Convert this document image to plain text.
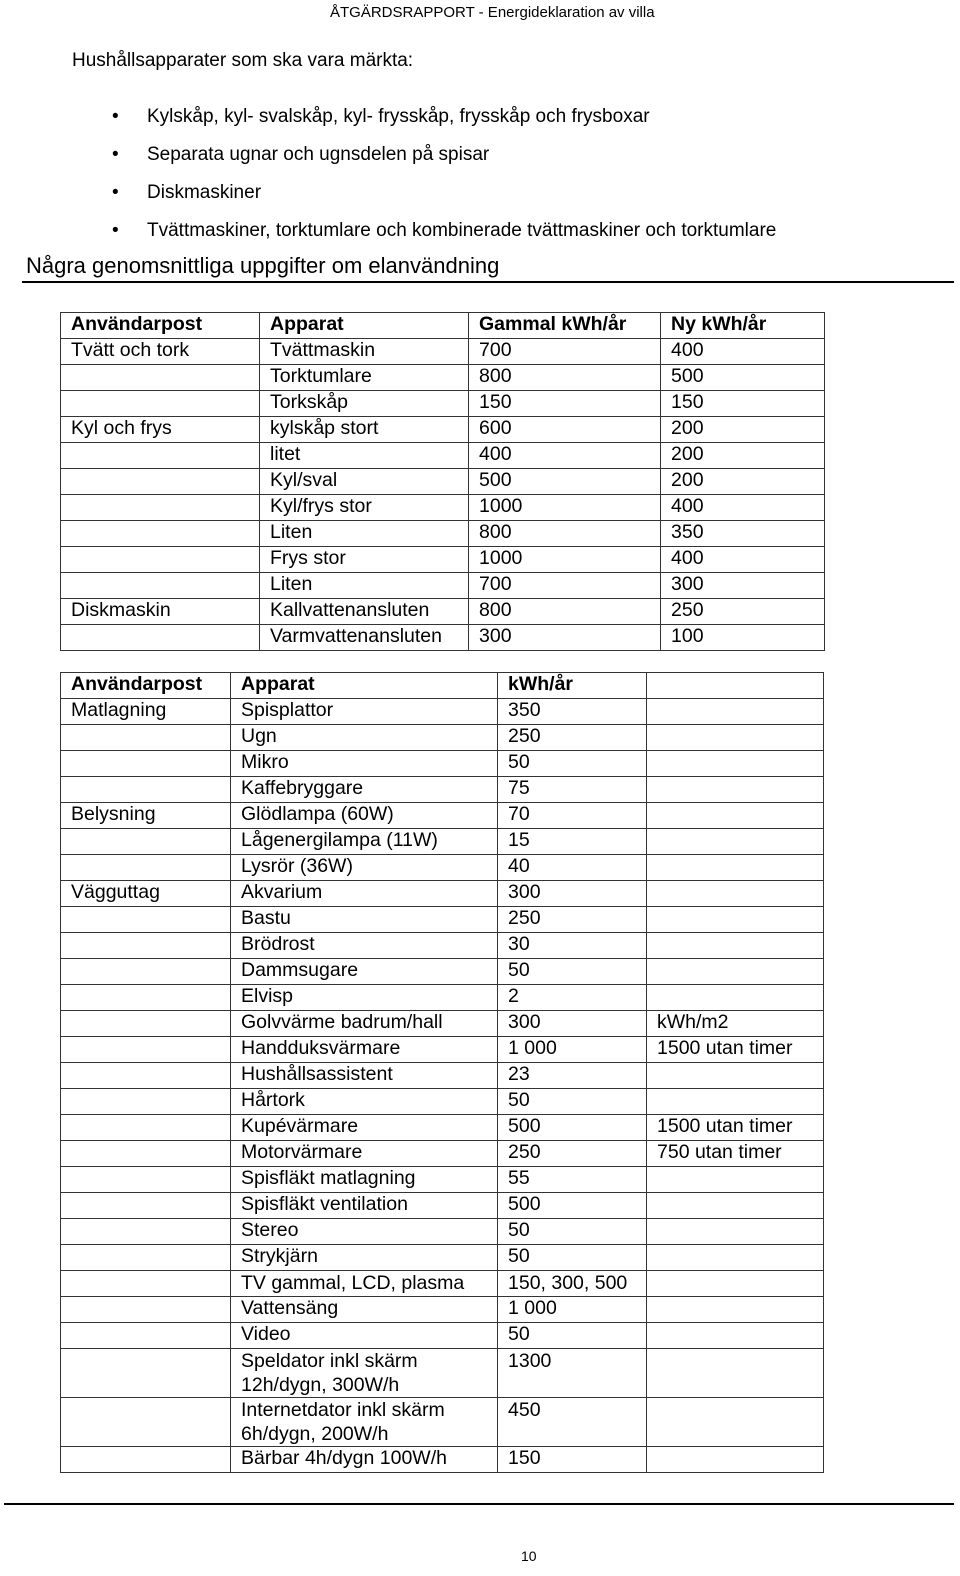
ÅTGÄRDSRAPPORT - Energideklaration av villa
Hushållsapparater som ska vara märkta:
• Kylskåp, kyl- svalskåp, kyl- frysskåp, frysskåp och frysboxar
• Separata ugnar och ugnsdelen på spisar
• Diskmaskiner
• Tvättmaskiner, torktumlare och kombinerade tvättmaskiner och torktumlare
Några genomsnittliga uppgifter om elanvändning
Användarpost	Apparat	Gammal kWh/år	Ny kWh/år
Tvätt och tork	Tvättmaskin	700	400
	Torktumlare	800	500
	Torkskåp	150	150
Kyl och frys	kylskåp stort	600	200
	litet	400	200
	Kyl/sval	500	200
	Kyl/frys stor	1000	400
	Liten	800	350
	Frys stor	1000	400
	Liten	700	300
Diskmaskin	Kallvattenansluten	800	250
	Varmvattenansluten	300	100
Användarpost	Apparat	kWh/år	
Matlagning	Spisplattor	350	
	Ugn	250	
	Mikro	50	
	Kaffebryggare	75	
Belysning	Glödlampa (60W)	70	
	Lågenergilampa (11W)	15	
	Lysrör (36W)	40	
Vägguttag	Akvarium	300	
	Bastu	250	
	Brödrost	30	
	Dammsugare	50	
	Elvisp	2	
	Golvvärme badrum/hall	300	kWh/m2
	Handduksvärmare	1 000	1500 utan timer
	Hushållsassistent	23	
	Hårtork	50	
	Kupévärmare	500	1500 utan timer
	Motorvärmare	250	750 utan timer
	Spisfläkt matlagning	55	
	Spisfläkt ventilation	500	
	Stereo	50	
	Strykjärn	50	
	TV gammal, LCD, plasma	150, 300, 500	
	Vattensäng	1 000	
	Video	50	
	Speldator inkl skärm 12h/dygn, 300W/h	1300	
	Internetdator inkl skärm 6h/dygn, 200W/h	450	
	Bärbar 4h/dygn 100W/h	150	
10
